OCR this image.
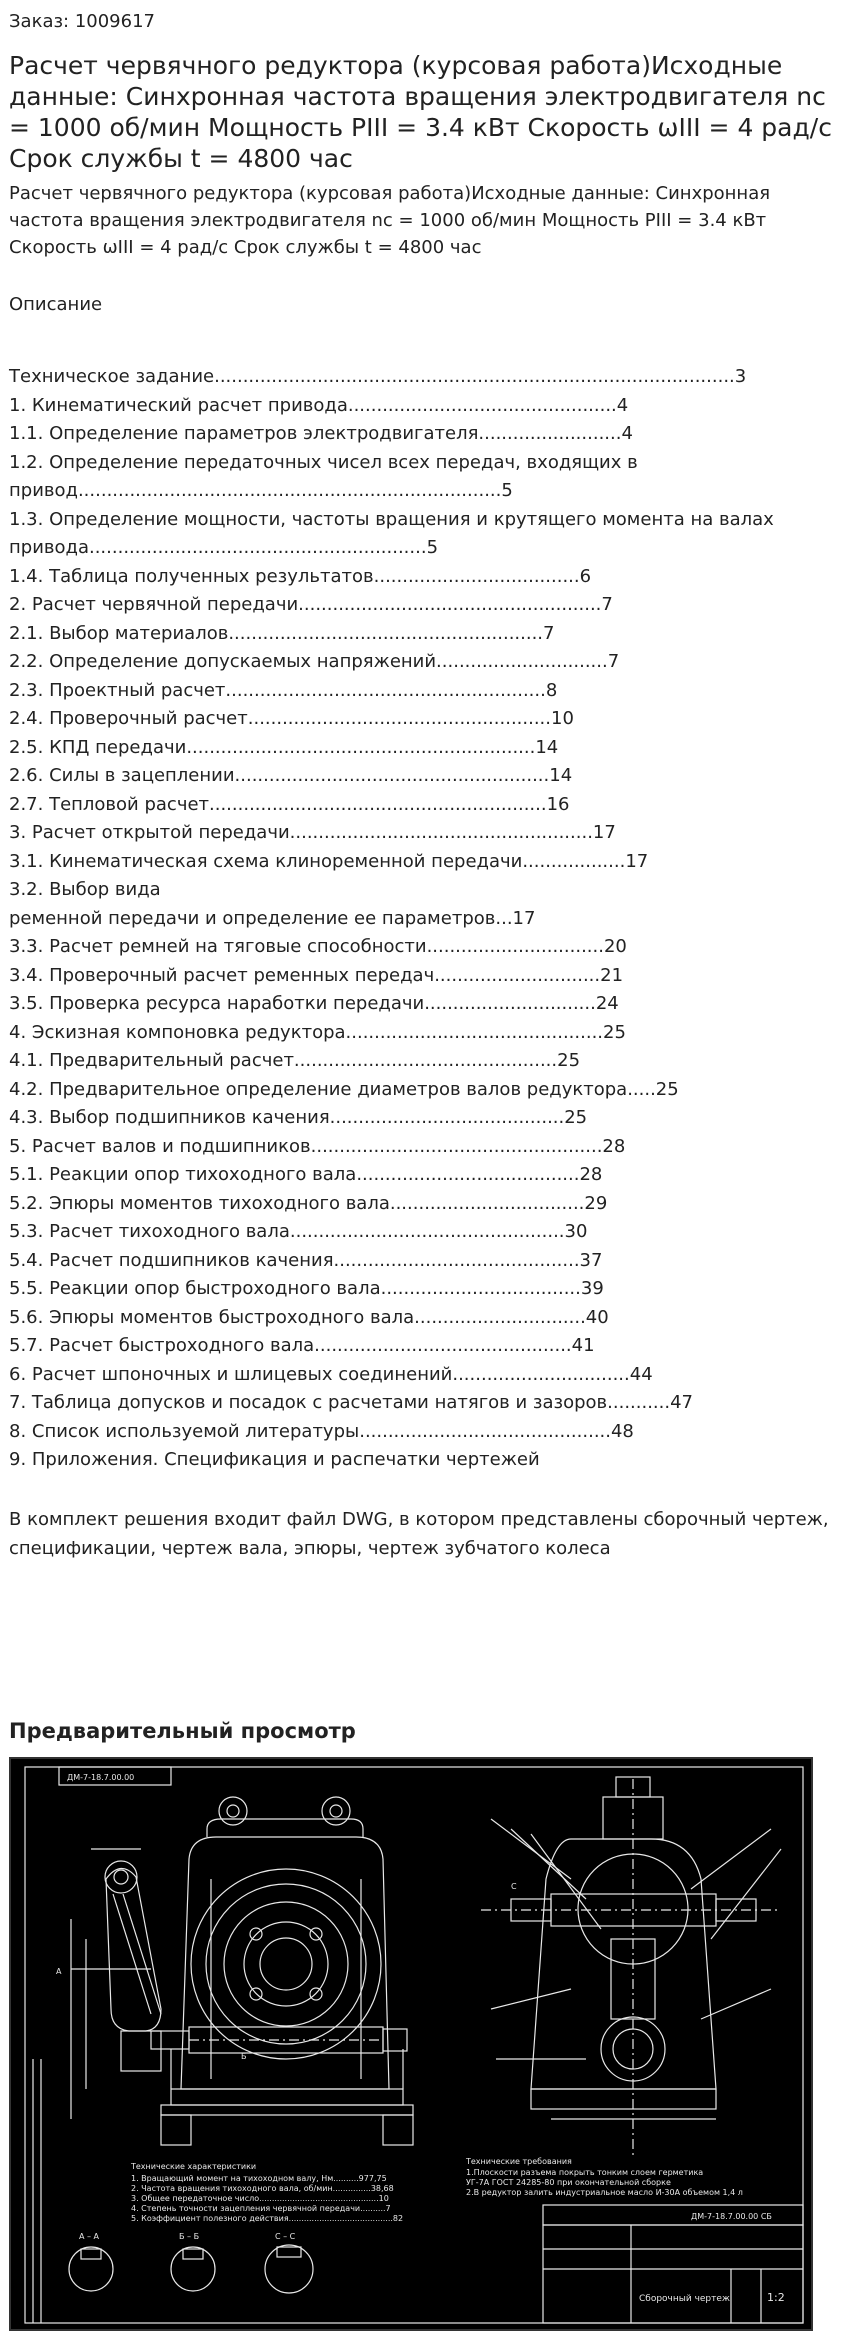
Заказ: 1009617
Расчет червячного редуктора (курсовая работа)Исходные данные: Синхронная частота вращения электродвигателя nc = 1000 об/мин Мощность PIII = 3.4 кВт Скорость ωIII = 4 рад/с Срок службы t = 4800 час

Расчет червячного редуктора (курсовая работа)Исходные данные: Синхронная частота вращения электродвигателя nc = 1000 об/мин Мощность PIII = 3.4 кВт Скорость ωIII = 4 рад/с Срок службы t = 4800 час

Описание
Техническое задание...........................................................................................3
1. Кинематический расчет привода...............................................4
1.1. Определение параметров электродвигателя.........................4
1.2. Определение передаточных чисел всех передач, входящих в
привод..........................................................................5
1.3. Определение мощности, частоты вращения и крутящего момента на валах
привода...........................................................5
1.4. Таблица полученных результатов....................................6
2. Расчет червячной передачи.....................................................7
2.1. Выбор материалов.......................................................7
2.2. Определение допускаемых напряжений..............................7
2.3. Проектный расчет........................................................8
2.4. Проверочный расчет.....................................................10
2.5. КПД передачи.............................................................14
2.6. Силы в зацеплении.......................................................14
2.7. Тепловой расчет...........................................................16
3. Расчет открытой передачи.....................................................17
3.1. Кинематическая схема клиноременной передачи..................17
3.2. Выбор вида
ременной передачи и определение ее параметров...17
3.3. Расчет ремней на тяговые способности...............................20
3.4. Проверочный расчет ременных передач.............................21
3.5. Проверка ресурса наработки передачи..............................24
4. Эскизная компоновка редуктора.............................................25
4.1. Предварительный расчет..............................................25
4.2. Предварительное определение диаметров валов редуктора.....25
4.3. Выбор подшипников качения.........................................25
5. Расчет валов и подшипников...................................................28
5.1. Реакции опор тихоходного вала.......................................28
5.2. Эпюры моментов тихоходного вала..................................29
5.3. Расчет тихоходного вала................................................30
5.4. Расчет подшипников качения...........................................37
5.5. Реакции опор быстроходного вала...................................39
5.6. Эпюры моментов быстроходного вала..............................40
5.7. Расчет быстроходного вала.............................................41
6. Расчет шпоночных и шлицевых соединений...............................44
7. Таблица допусков и посадок с расчетами натягов и зазоров...........47
8. Список используемой литературы............................................48
9. Приложения. Спецификация и распечатки чертежей
В комплект решения входит файл DWG, в котором представлены сборочный чертеж, спецификации, чертеж вала, эпюры, чертеж зубчатого колеса
Предварительный просмотр
ДМ-7-18.7.00.00
Технические характеристики
1. Вращающий момент на тихоходном валу, Нм..........977,75
2. Частота вращения тихоходного вала, об/мин...............38,68
3. Общее передаточное число...............................................10
4. Степень точности зацепления червячной передачи..........7
5. Коэффициент полезного действия.........................................82
Технические требования
1.Плоскости разъема покрыть тонким слоем герметика
УГ-7А ГОСТ 24285-80 при окончательной сборке
2.В редуктор залить индустриальное масло И-30А объемом 1,4 л
А – А	Б – Б	С – С
А
Б
С
ДМ-7-18.7.00.00 СБ
Сборочный чертеж	1:2
